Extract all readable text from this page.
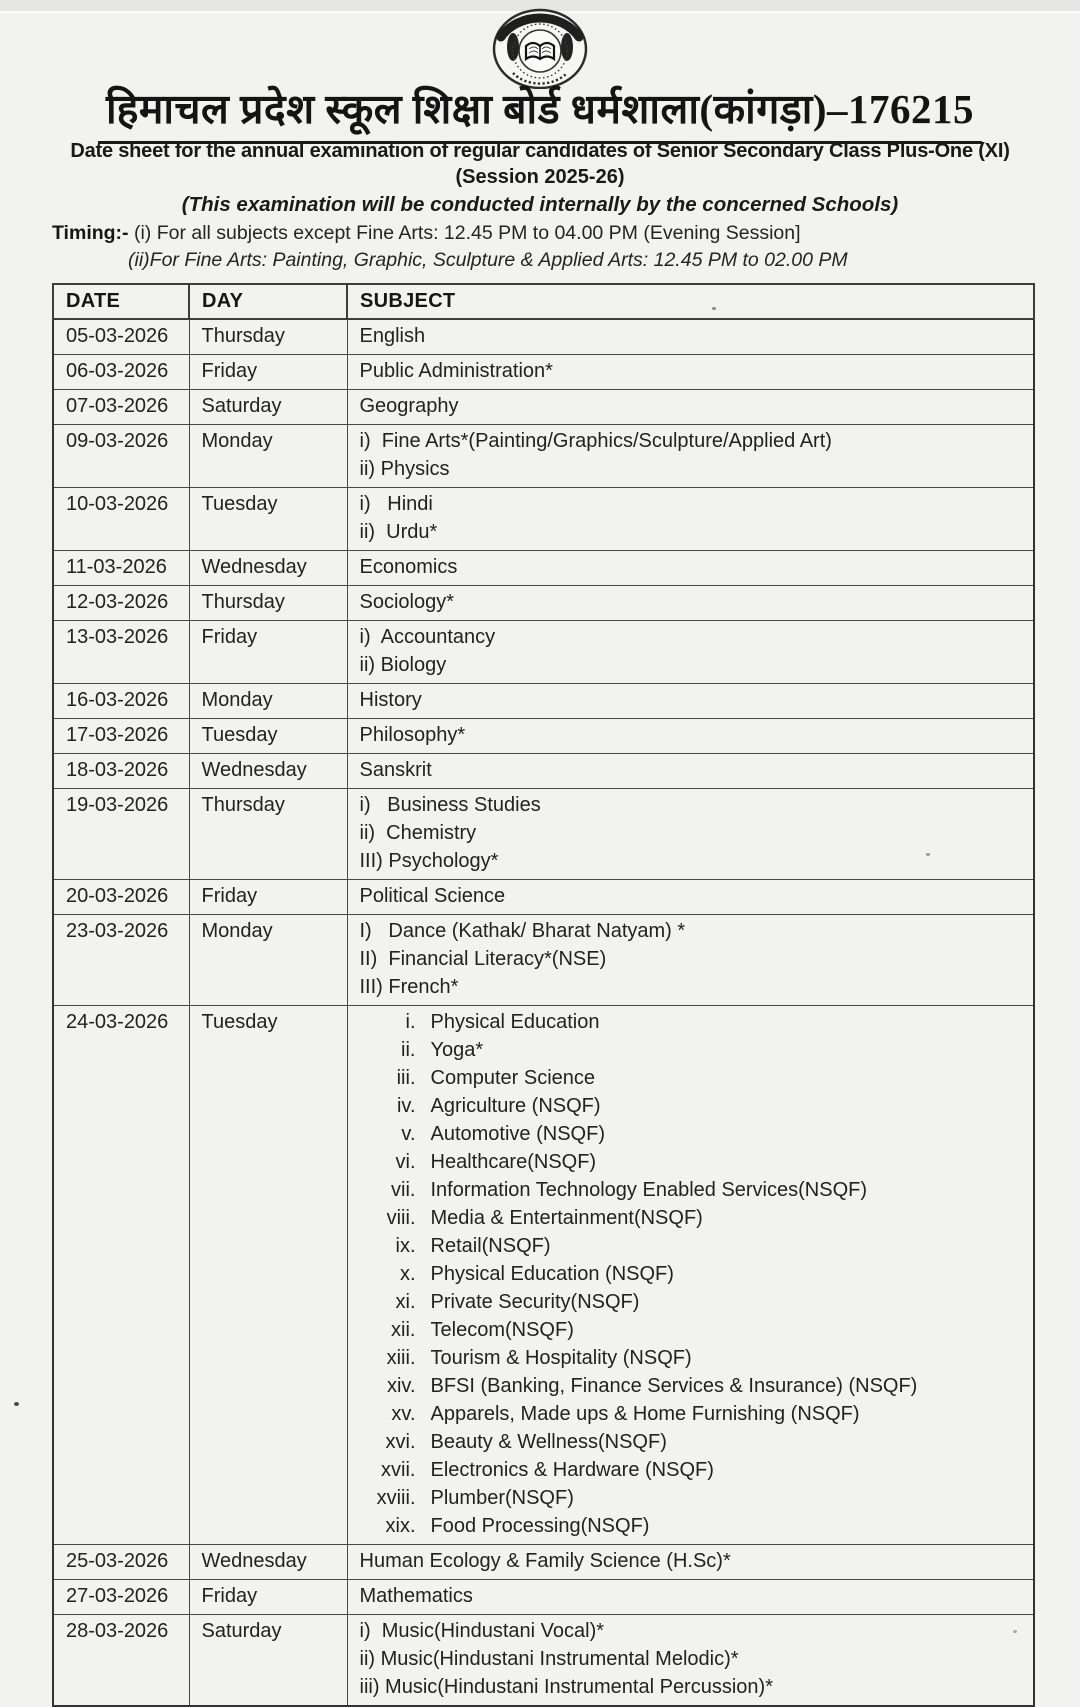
हिमाचल प्रदेश स्कूल शिक्षा बोर्ड धर्मशाला(कांगड़ा)–176215
Date sheet for the annual examination of regular candidates of Senior Secondary Class Plus-One (XI)
(Session 2025-26)
(This examination will be conducted internally by the concerned Schools)
Timing:- (i) For all subjects except Fine Arts: 12.45 PM to 04.00 PM (Evening Session]
(ii)For Fine Arts: Painting, Graphic, Sculpture & Applied Arts: 12.45 PM to 02.00 PM
DATE	DAY	SUBJECT
05-03-2026	Thursday	English

06-03-2026	Friday	Public Administration*

07-03-2026	Saturday	Geography

09-03-2026	Monday	i)  Fine Arts*(Painting/Graphics/Sculpture/Applied Art)
ii) Physics

10-03-2026	Tuesday	i)   Hindi
ii)  Urdu*

11-03-2026	Wednesday	Economics

12-03-2026	Thursday	Sociology*

13-03-2026	Friday	i)  Accountancy
ii) Biology

16-03-2026	Monday	History

17-03-2026	Tuesday	Philosophy*

18-03-2026	Wednesday	Sanskrit

19-03-2026	Thursday	i)   Business Studies
ii)  Chemistry
III) Psychology*

20-03-2026	Friday	Political Science

23-03-2026	Monday	I)   Dance (Kathak/ Bharat Natyam) *
II)  Financial Literacy*(NSE)
III) French*

24-03-2026	Tuesday	i. Physical Education
ii. Yoga*
iii. Computer Science
iv. Agriculture (NSQF)
v. Automotive (NSQF)
vi. Healthcare(NSQF)
vii. Information Technology Enabled Services(NSQF)
viii. Media & Entertainment(NSQF)
ix. Retail(NSQF)
x. Physical Education (NSQF)
xi. Private Security(NSQF)
xii. Telecom(NSQF)
xiii. Tourism & Hospitality (NSQF)
xiv. BFSI (Banking, Finance Services & Insurance) (NSQF)
xv. Apparels, Made ups & Home Furnishing (NSQF)
xvi. Beauty & Wellness(NSQF)
xvii. Electronics & Hardware (NSQF)
xviii. Plumber(NSQF)
xix. Food Processing(NSQF)

25-03-2026	Wednesday	Human Ecology & Family Science (H.Sc)*

27-03-2026	Friday	Mathematics

28-03-2026	Saturday	i)  Music(Hindustani Vocal)*
ii) Music(Hindustani Instrumental Melodic)*
iii) Music(Hindustani Instrumental Percussion)*
